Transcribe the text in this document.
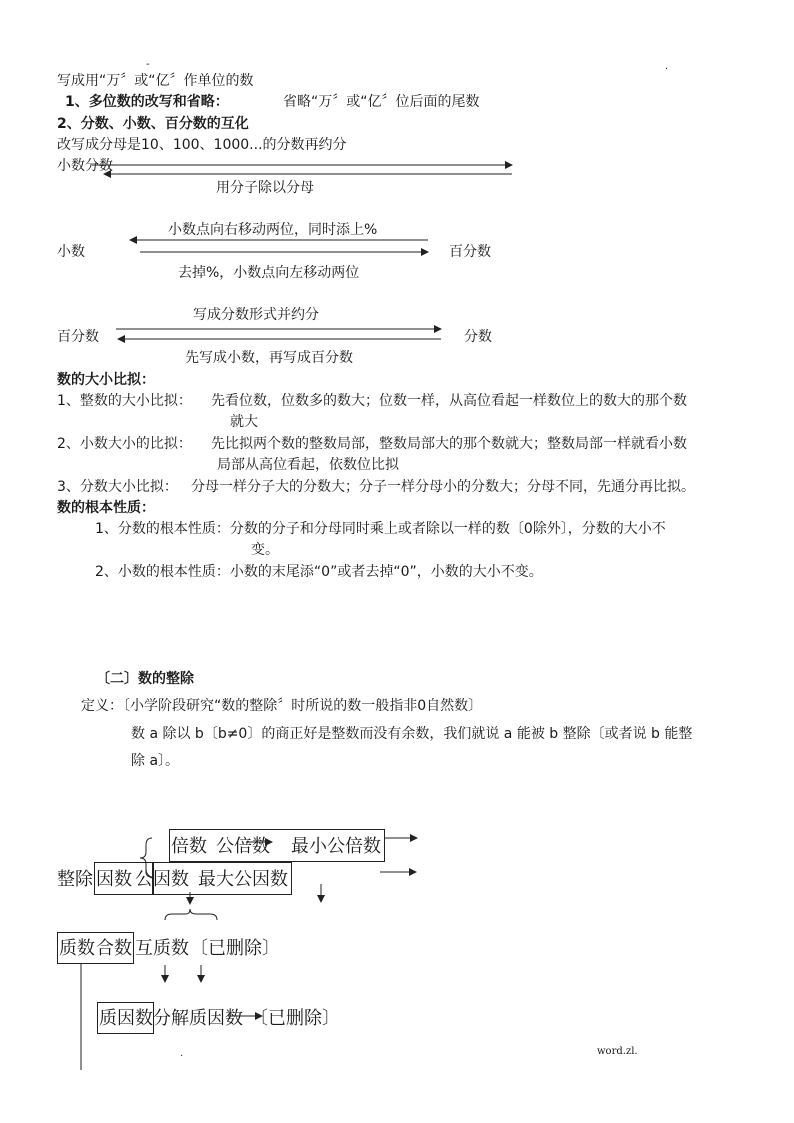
-	.
写成用“万〞或“亿〞作单位的数
1、多位数的改写和省略：	省略“万〞或“亿〞位后面的尾数
2、分数、小数、百分数的互化
改写成分母是10、100、1000...的分数再约分
小数分数
用分子除以分母
小数点向右移动两位，同时添上%
小数	百分数
去掉%，小数点向左移动两位
写成分数形式并约分
百分数	分数
先写成小数，再写成百分数
数的大小比拟：
1、整数的大小比拟： 先看位数，位数多的数大；位数一样，从高位看起一样数位上的数大的那个数
就大
2、小数大小的比拟： 先比拟两个数的整数局部，整数局部大的那个数就大；整数局部一样就看小数
局部从高位看起，依数位比拟
3、分数大小比拟： 分母一样分子大的分数大；分子一样分母小的分数大；分母不同，先通分再比拟。
数的根本性质：
1、分数的根本性质：分数的分子和分母同时乘上或者除以一样的数〔0除外〕，分数的大小不
变。
2、小数的根本性质：小数的末尾添“0”或者去掉“0”，小数的大小不变。
〔二〕数的整除
定义：〔小学阶段研究“数的整除〞时所说的数一般指非0自然数〕
数 a 除以 b〔b≠0〕的商正好是整数而没有余数，我们就说 a 能被 b 整除〔或者说 b 能整
除 a〕。
倍数 公倍数 最小公倍数
整除 因数 公因数 最大公因数
质数 合数 互质数 〔已删除〕
质因数 分解质因数 〔已删除〕
.	word.zl.
